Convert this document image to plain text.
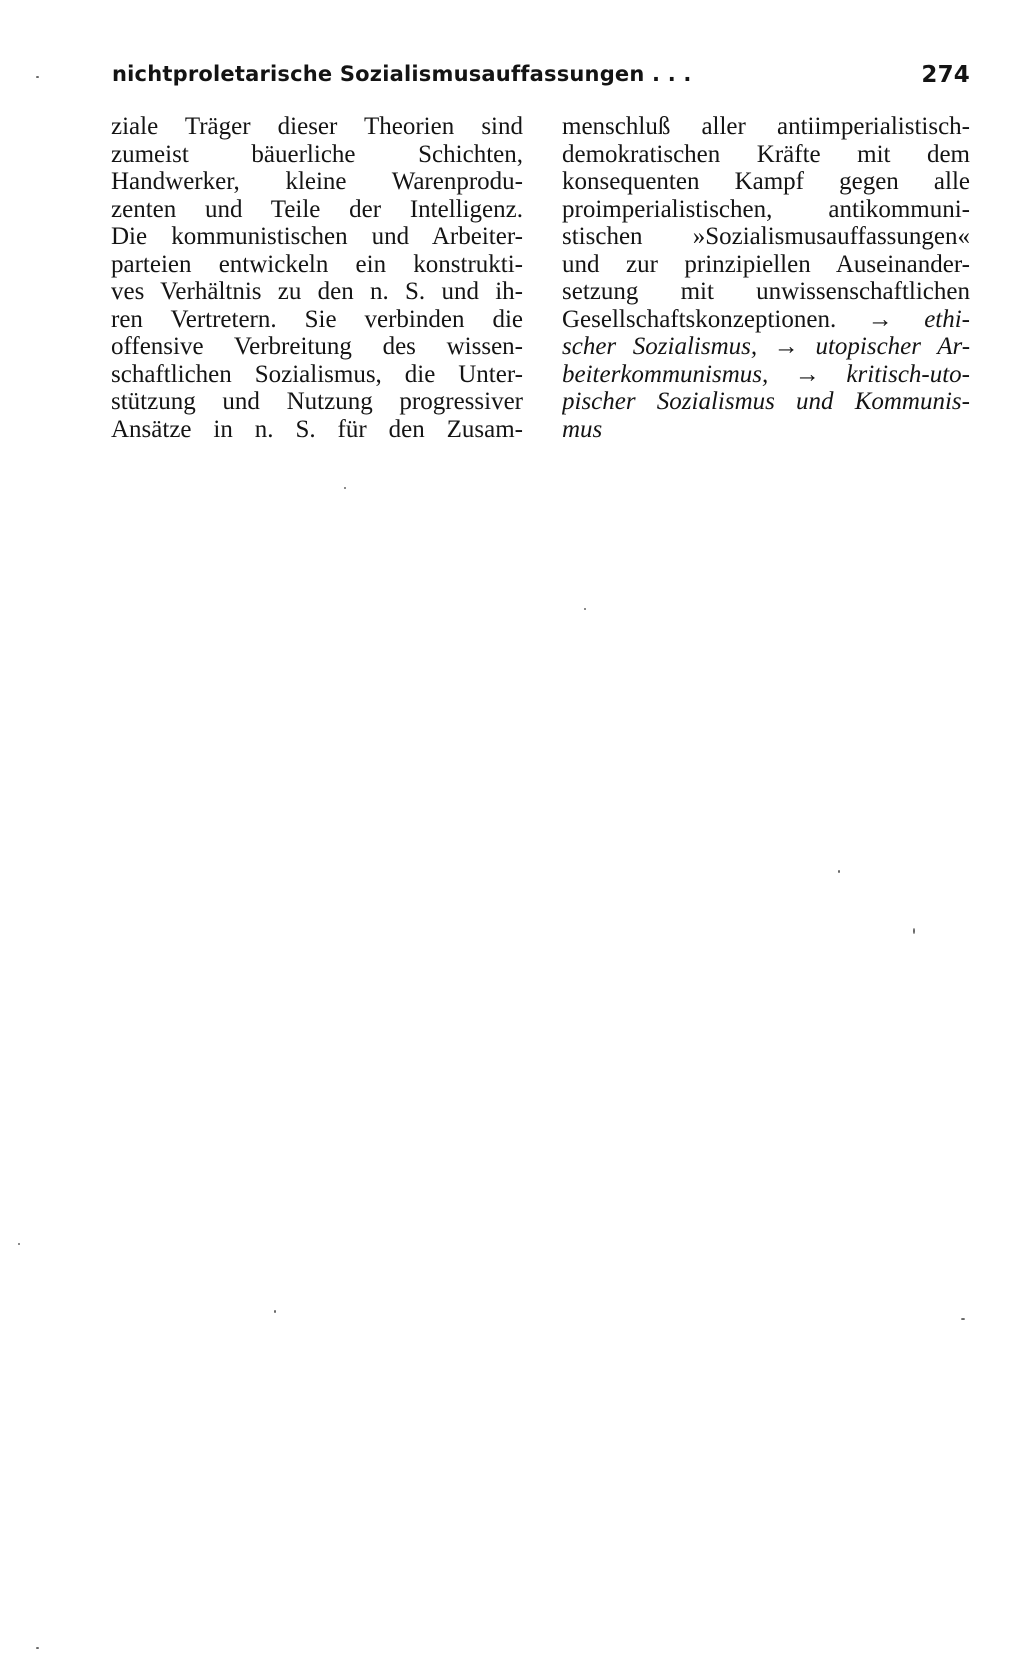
nichtproletarische Sozialismusauffassungen . . .	274
ziale Träger dieser Theorien sind
zumeist bäuerliche Schichten,
Handwerker, kleine Warenprodu-
zenten und Teile der Intelligenz.
Die kommunistischen und Arbeiter-
parteien entwickeln ein konstrukti-
ves Verhältnis zu den n. S. und ih-
ren Vertretern. Sie verbinden die
offensive Verbreitung des wissen-
schaftlichen Sozialismus, die Unter-
stützung und Nutzung progressiver
Ansätze in n. S. für den Zusam-
menschluß aller antiimperialistisch-
demokratischen Kräfte mit dem
konsequenten Kampf gegen alle
proimperialistischen, antikommuni-
stischen »Sozialismusauffassungen«
und zur prinzipiellen Auseinander-
setzung mit unwissenschaftlichen
Gesellschaftskonzeptionen. → ethi-
scher Sozialismus, → utopischer Ar-
beiterkommunismus, → kritisch-uto-
pischer Sozialismus und Kommunis-
mus
